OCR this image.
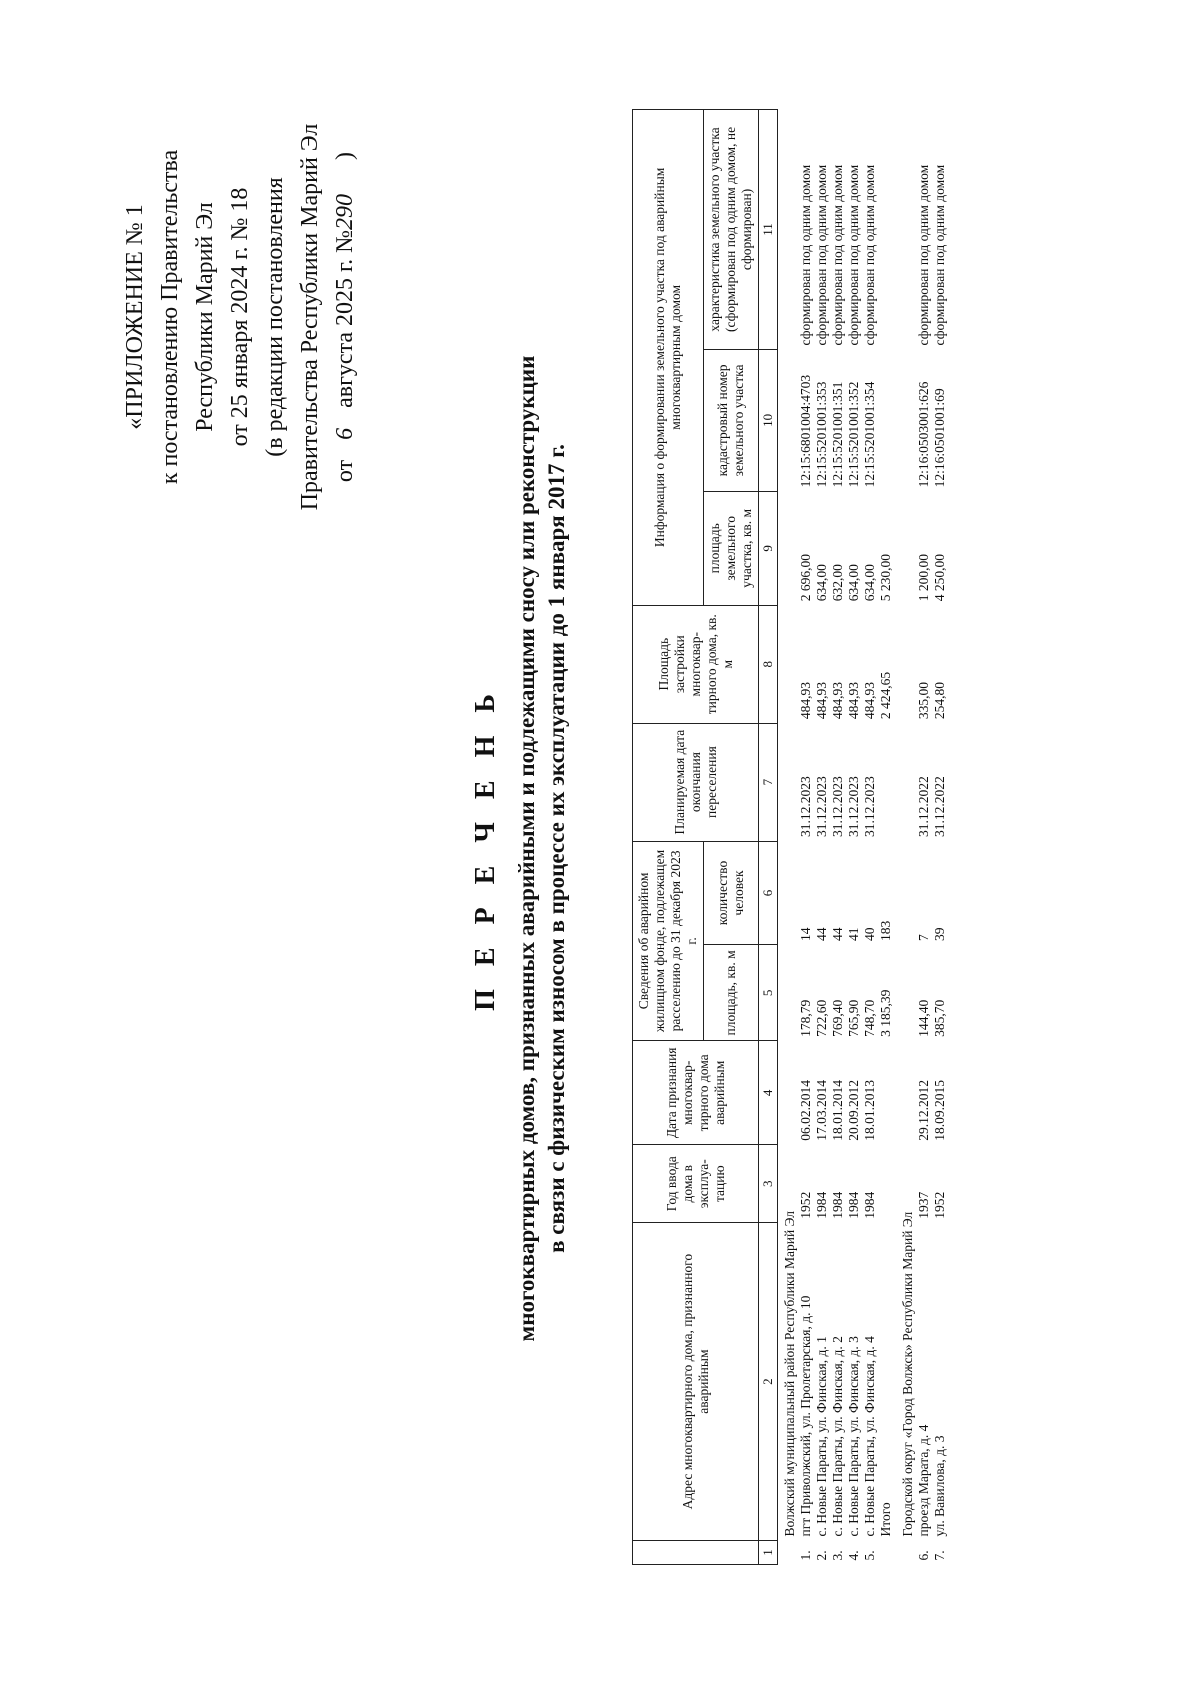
«ПРИЛОЖЕНИЕ № 1 к постановлению Правительства Республики Марий Эл от 25 января 2024 г. № 18 (в редакции постановления Правительства Республики Марий Эл от 6 августа 2025 г. №290 )
П Е Р Е Ч Е Н Ь многоквартирных домов, признанных аварийными и подлежащими сносу или реконструкции в связи с физическим износом в процессе их эксплуатации до 1 января 2017 г.
	Адрес многоквартирного дома, признанного аварийным	Год ввода дома в эксплуа-тацию	Дата признания многоквар-тирного дома аварийным	Сведения об аварийном жилищном фонде, подлежащем расселению до 31 декабря 2023 г.		Планируемая дата окончания переселения	Площадь застройки многоквар-тирного дома, кв. м	Информация о формировании земельного участка под аварийным многоквартирным домом		
				площадь, кв. м	количество человек			площадь земельного участка, кв. м	кадастровый номер земельного участка	характеристика земельного участка (сформирован под одним домом, не сформирован)
1	2	3	4	5	6	7	8	9	10	11
	Волжский муниципальный район Республики Марий Эл									
1.	пгт Приволжский, ул. Пролетарская, д. 10	1952	06.02.2014	178,79	14	31.12.2023	484,93	2 696,00	12:15:6801004:4703	сформирован под одним домом
2.	с. Новые Параты, ул. Финская, д. 1	1984	17.03.2014	722,60	44	31.12.2023	484,93	634,00	12:15:5201001:353	сформирован под одним домом
3.	с. Новые Параты, ул. Финская, д. 2	1984	18.01.2014	769,40	44	31.12.2023	484,93	632,00	12:15:5201001:351	сформирован под одним домом
4.	с. Новые Параты, ул. Финская, д. 3	1984	20.09.2012	765,90	41	31.12.2023	484,93	634,00	12:15:5201001:352	сформирован под одним домом
5.	с. Новые Параты, ул. Финская, д. 4	1984	18.01.2013	748,70	40	31.12.2023	484,93	634,00	12:15:5201001:354	сформирован под одним домом
	Итого			3 185,39	183		2 424,65	5 230,00		
	Городской округ «Город Волжск» Республики Марий Эл									
6.	проезд Марата, д. 4	1937	29.12.2012	144,40	7	31.12.2022	335,00	1 200,00	12:16:0503001:626	сформирован под одним домом
7.	ул. Вавилова, д. 3	1952	18.09.2015	385,70	39	31.12.2022	254,80	4 250,00	12:16:0501001:69	сформирован под одним домом
